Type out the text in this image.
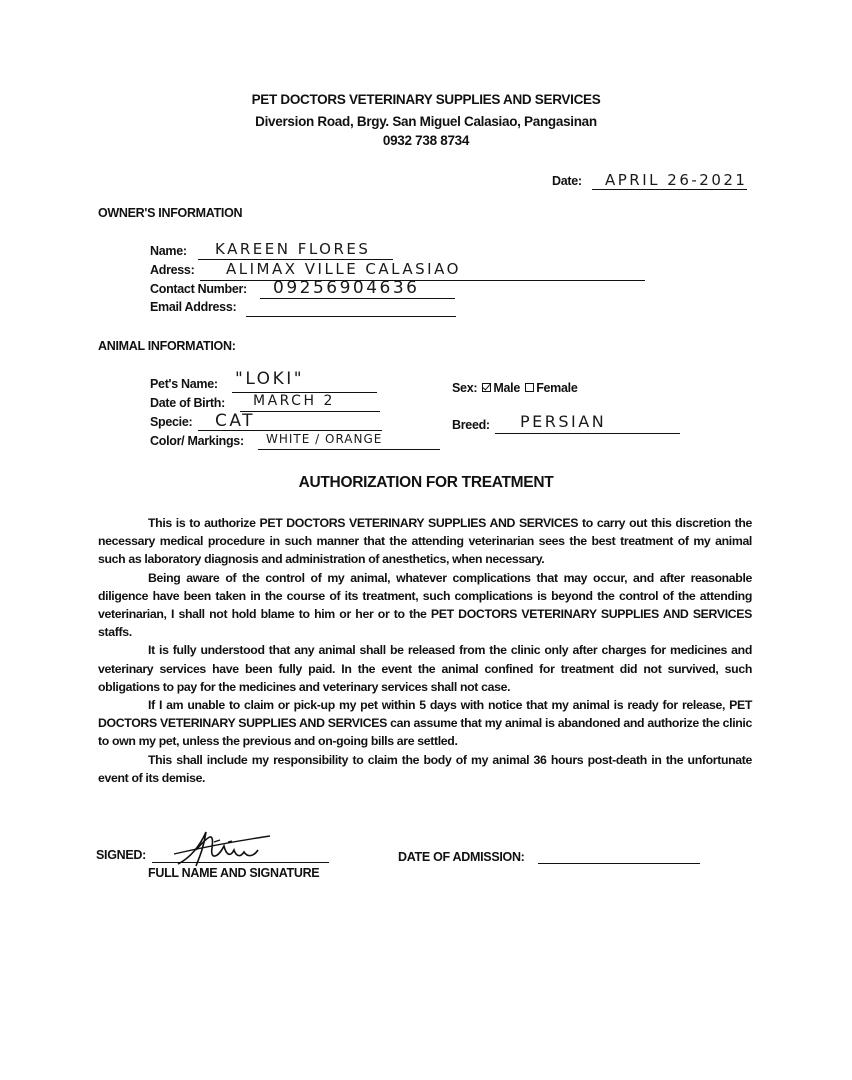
PET DOCTORS VETERINARY SUPPLIES AND SERVICES
Diversion Road, Brgy. San Miguel Calasiao, Pangasinan
0932 738 8734
Date: APRIL 26-2021
OWNER'S INFORMATION
Name: KAREEN FLORES
Adress: ALIMAX VILLE CALASIAO
Contact Number: 09256904636
Email Address:
ANIMAL INFORMATION:
Pet's Name: "LOKI"
Date of Birth: MARCH 2
Specie: CAT
Color/ Markings: WHITE / ORANGE
Sex: Male Female
Breed: PERSIAN
AUTHORIZATION FOR TREATMENT

This is to authorize PET DOCTORS VETERINARY SUPPLIES AND SERVICES to carry out this discretion the necessary medical procedure in such manner that the attending veterinarian sees the best treatment of my animal such as laboratory diagnosis and administration of anesthetics, when necessary.

Being aware of the control of my animal, whatever complications that may occur, and after reasonable diligence have been taken in the course of its treatment, such complications is beyond the control of the attending veterinarian, I shall not hold blame to him or her or to the PET DOCTORS VETERINARY SUPPLIES AND SERVICES staffs.

It is fully understood that any animal shall be released from the clinic only after charges for medicines and veterinary services have been fully paid. In the event the animal confined for treatment did not survived, such obligations to pay for the medicines and veterinary services shall not case.

If I am unable to claim or pick-up my pet within 5 days with notice that my animal is ready for release, PET DOCTORS VETERINARY SUPPLIES AND SERVICES can assume that my animal is abandoned and authorize the clinic to own my pet, unless the previous and on-going bills are settled.

This shall include my responsibility to claim the body of my animal 36 hours post-death in the unfortunate event of its demise.

SIGNED:
FULL NAME AND SIGNATURE
DATE OF ADMISSION:
